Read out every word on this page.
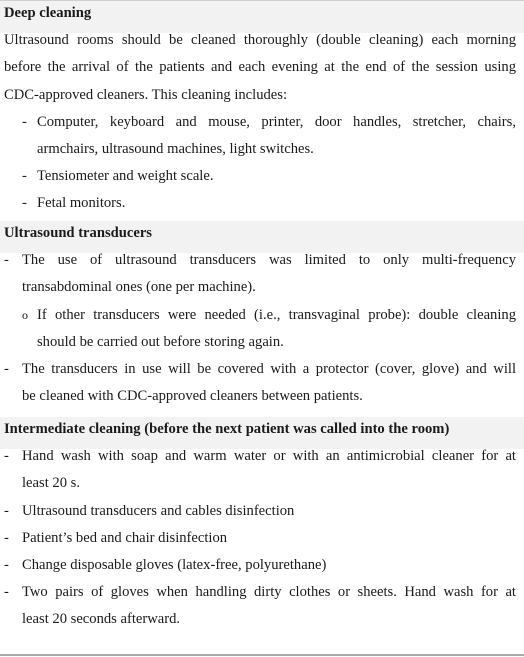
Deep cleaning

Ultrasound rooms should be cleaned thoroughly (double cleaning) each morning
before the arrival of the patients and each evening at the end of the session using
CDC-approved cleaners. This cleaning includes:

- Computer, keyboard and mouse, printer, door handles, stretcher, chairs,
armchairs, ultrasound machines, light switches.
- Tensiometer and weight scale.
- Fetal monitors.

Ultrasound transducers

- The use of ultrasound transducers was limited to only multi-frequency
transabdominal ones (one per machine).
o If other transducers were needed (i.e., transvaginal probe): double cleaning
should be carried out before storing again.
- The transducers in use will be covered with a protector (cover, glove) and will
be cleaned with CDC-approved cleaners between patients.

Intermediate cleaning (before the next patient was called into the room)

- Hand wash with soap and warm water or with an antimicrobial cleaner for at
least 20 s.
- Ultrasound transducers and cables disinfection
- Patient’s bed and chair disinfection
- Change disposable gloves (latex-free, polyurethane)
- Two pairs of gloves when handling dirty clothes or sheets. Hand wash for at
least 20 seconds afterward.
